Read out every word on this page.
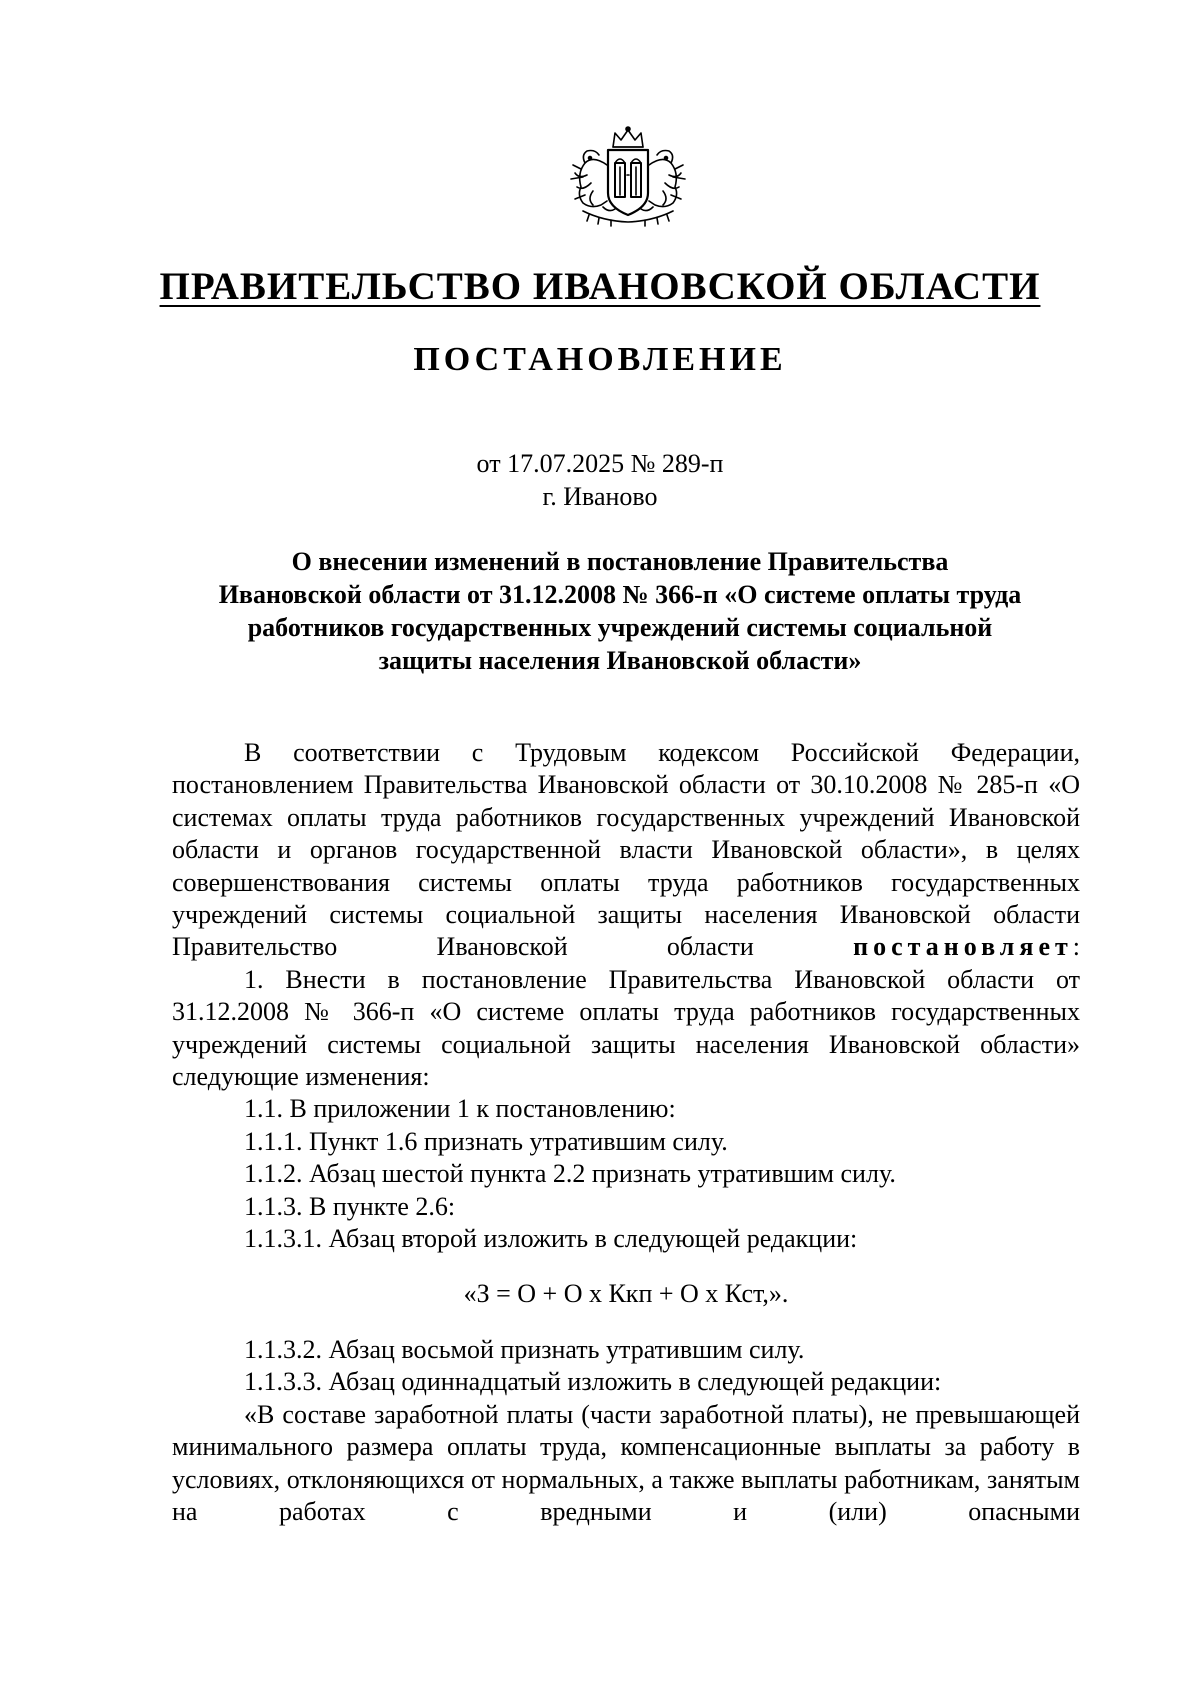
ПРАВИТЕЛЬСТВО ИВАНОВСКОЙ ОБЛАСТИ
ПОСТАНОВЛЕНИЕ
от 17.07.2025 № 289-п
г. Иваново
О внесении изменений в постановление Правительства
Ивановской области от 31.12.2008 № 366-п «О системе оплаты труда
работников государственных учреждений системы социальной
защиты населения Ивановской области»

В соответствии с Трудовым кодексом Российской Федерации, постановлением Правительства Ивановской области от 30.10.2008 № 285-п «О системах оплаты труда работников государственных учреждений Ивановской области и органов государственной власти Ивановской области», в целях совершенствования системы оплаты труда работников государственных учреждений системы социальной защиты населения Ивановской области Правительство Ивановской области	постановляет:

1. Внести в постановление Правительства Ивановской области от 31.12.2008 № 366-п «О системе оплаты труда работников государственных учреждений системы социальной защиты населения Ивановской области» следующие изменения:

1.1. В приложении 1 к постановлению:

1.1.1. Пункт 1.6 признать утратившим силу.

1.1.2. Абзац шестой пункта 2.2 признать утратившим силу.

1.1.3. В пункте 2.6:

1.1.3.1. Абзац второй изложить в следующей редакции:

«З = О + О х Ккп + О х Кст,».

1.1.3.2. Абзац восьмой признать утратившим силу.

1.1.3.3. Абзац одиннадцатый изложить в следующей редакции:

«В составе заработной платы (части заработной платы), не превышающей минимального размера оплаты труда, компенсационные выплаты за работу в условиях, отклоняющихся от нормальных, а также выплаты работникам, занятым на работах с вредными и (или) опасными
